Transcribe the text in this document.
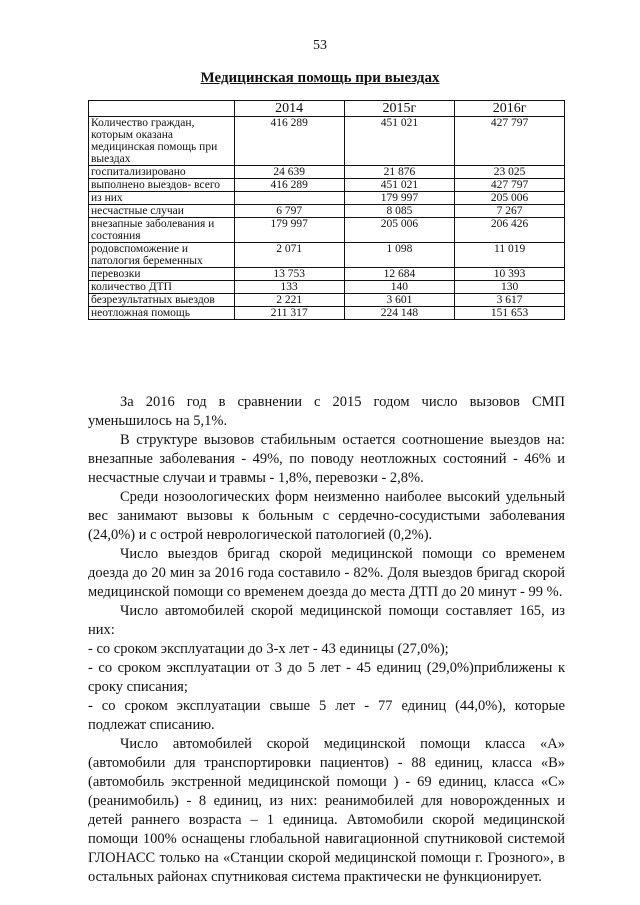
53
Медицинская помощь при выездах
	2014	2015г	2016г
Количество граждан, которым оказана медицинская помощь при выездах	416 289	451 021	427 797
госпитализировано	24 639	21 876	23 025
выполнено выездов- всего	416 289	451 021	427 797
из них		179 997	205 006
несчастные случаи	6 797	8 085	7 267
внезапные заболевания и состояния	179 997	205 006	206 426
родовспоможение и патология беременных	2 071	1 098	11 019
перевозки	13 753	12 684	10 393
количество ДТП	133	140	130
безрезультатных выездов	2 221	3 601	3 617
неотложная помощь	211 317	224 148	151 653

За 2016 год в сравнении с 2015 годом число вызовов СМП уменьшилось на 5,1%.

В структуре вызовов стабильным остается соотношение выездов на: внезапные заболевания - 49%, по поводу неотложных состояний - 46% и несчастные случаи и травмы - 1,8%, перевозки - 2,8%.

Среди нозоологических форм неизменно наиболее высокий удельный вес занимают вызовы к больным с сердечно-сосудистыми заболевания (24,0%) и с острой неврологической патологией (0,2%).

Число выездов бригад скорой медицинской помощи со временем доезда до 20 мин за 2016 года составило - 82%. Доля выездов бригад скорой медицинской помощи со временем доезда до места ДТП до 20 минут - 99 %.

Число автомобилей скорой медицинской помощи составляет 165, из них:

- со сроком эксплуатации до 3-х лет - 43 единицы (27,0%);

- со сроком эксплуатации от 3 до 5 лет - 45 единиц (29,0%)приближены к сроку списания;

- со сроком эксплуатации свыше 5 лет - 77 единиц (44,0%), которые подлежат списанию.

Число автомобилей скорой медицинской помощи класса «А» (автомобили для транспортировки пациентов) - 88 единиц, класса «В» (автомобиль экстренной медицинской помощи ) - 69 единиц, класса «С» (реанимобиль) - 8 единиц, из них: реанимобилей для новорожденных и детей раннего возраста – 1 единица. Автомобили скорой медицинской помощи 100% оснащены глобальной навигационной спутниковой системой ГЛОНАСС только на «Станции скорой медицинской помощи г. Грозного», в остальных районах спутниковая система практически не функционирует.
